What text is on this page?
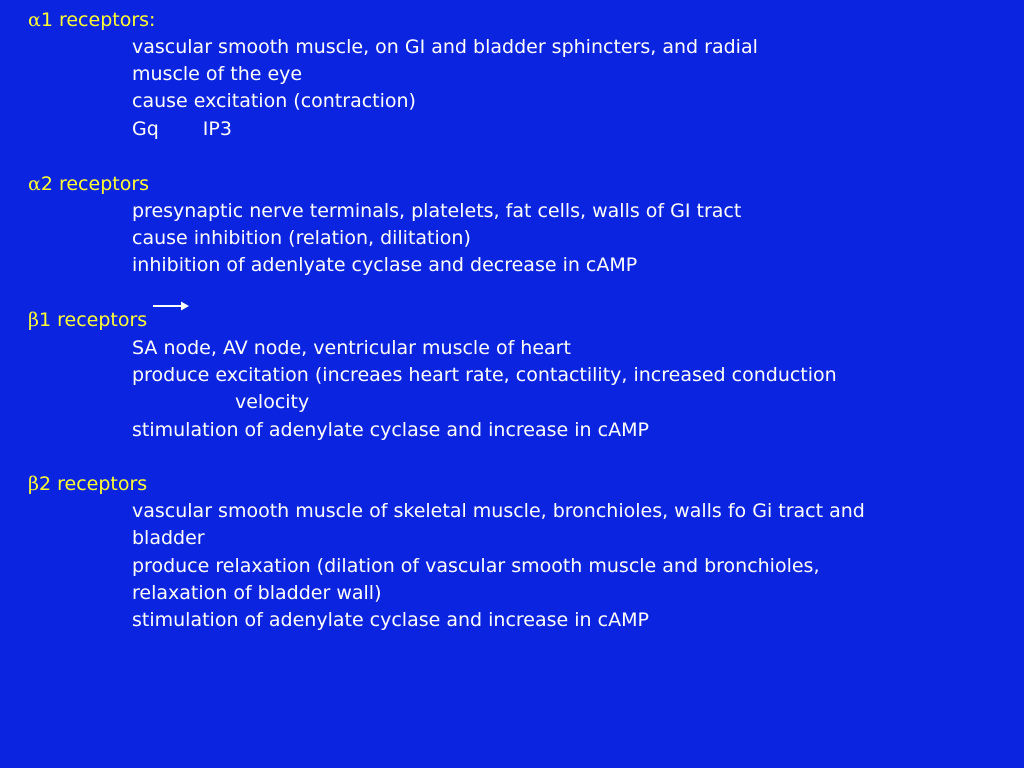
α1 receptors:
vascular smooth muscle, on GI and bladder sphincters, and radial
muscle of the eye
cause excitation (contraction)
Gq IP3
α2 receptors
presynaptic nerve terminals, platelets, fat cells, walls of GI tract
cause inhibition (relation, dilitation)
inhibition of adenlyate cyclase and decrease in cAMP
β1 receptors
SA node, AV node, ventricular muscle of heart
produce excitation (increaes heart rate, contactility, increased conduction
velocity
stimulation of adenylate cyclase and increase in cAMP
β2 receptors
vascular smooth muscle of skeletal muscle, bronchioles, walls fo Gi tract and
bladder
produce relaxation (dilation of vascular smooth muscle and bronchioles,
relaxation of bladder wall)
stimulation of adenylate cyclase and increase in cAMP
